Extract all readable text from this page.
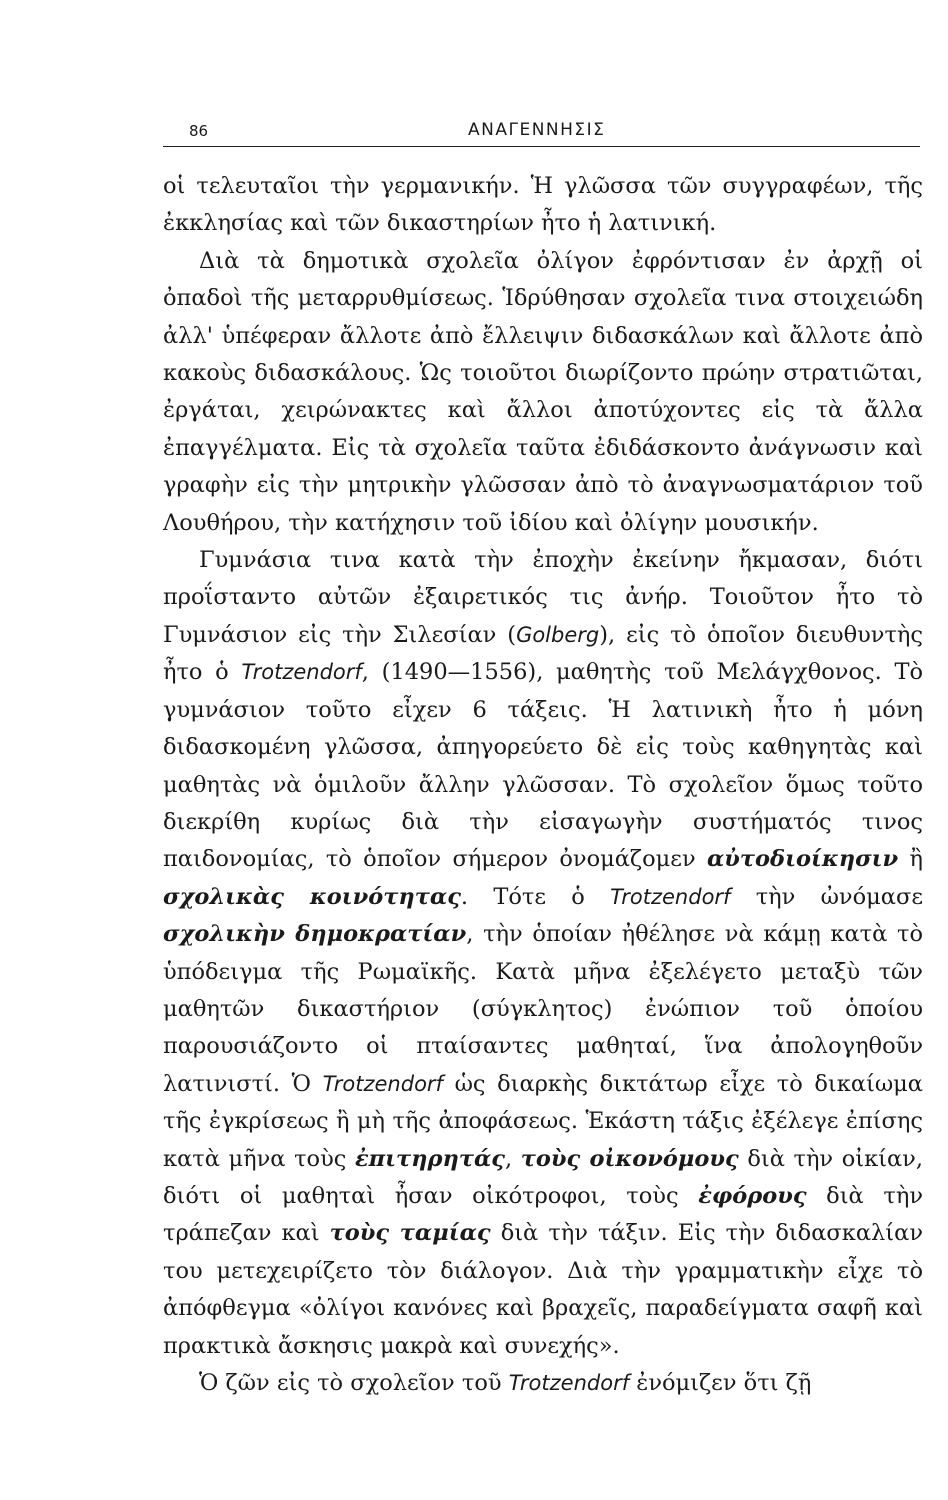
86	ΑΝΑΓΕΝΝΗΣΙΣ

οἱ τελευταῖοι τὴν γερμανικήν. Ἡ γλῶσσα τῶν συγγραφέων, τῆς ἐκκλησίας καὶ τῶν δικαστηρίων ἦτο ἡ λατινική.

Διὰ τὰ δημοτικὰ σχολεῖα ὀλίγον ἐφρόντισαν ἐν ἀρχῇ οἱ ὀπαδοὶ τῆς μεταρρυθμίσεως. Ἱδρύθησαν σχολεῖα τινα στοιχειώδη ἀλλ' ὑπέφεραν ἄλλοτε ἀπὸ ἔλλειψιν διδασκάλων καὶ ἄλλοτε ἀπὸ κακοὺς διδασκάλους. Ὡς τοιοῦτοι διωρίζοντο πρώην στρατιῶται, ἐργάται, χειρώνακτες καὶ ἄλλοι ἀποτύχοντες εἰς τὰ ἄλλα ἐπαγγέλματα. Εἰς τὰ σχολεῖα ταῦτα ἐδιδάσκοντο ἀνάγνωσιν καὶ γραφὴν εἰς τὴν μητρικὴν γλῶσσαν ἀπὸ τὸ ἀναγνωσματάριον τοῦ Λουθήρου, τὴν κατήχησιν τοῦ ἰδίου καὶ ὀλίγην μουσικήν.

Γυμνάσια τινα κατὰ τὴν ἐποχὴν ἐκείνην ἤκμασαν, διότι προΐσταντο αὐτῶν ἐξαιρετικός τις ἀνήρ. Τοιοῦτον ἦτο τὸ Γυμνάσιον εἰς τὴν Σιλεσίαν (Golberg), εἰς τὸ ὁποῖον διευθυντὴς ἦτο ὁ Trotzendorf, (1490—1556), μαθητὴς τοῦ Μελάγχθονος. Τὸ γυμνάσιον τοῦτο εἶχεν 6 τάξεις. Ἡ λατινικὴ ἦτο ἡ μόνη διδασκομένη γλῶσσα, ἀπηγορεύετο δὲ εἰς τοὺς καθηγητὰς καὶ μαθητὰς νὰ ὁμιλοῦν ἄλλην γλῶσσαν. Τὸ σχολεῖον ὅμως τοῦτο διεκρίθη κυρίως διὰ τὴν εἰσαγωγὴν συστήματός τινος παιδονομίας, τὸ ὁποῖον σήμερον ὀνομάζομεν αὐτοδιοίκησιν ἢ σχολικὰς κοινότητας. Τότε ὁ Trotzendorf τὴν ὠνόμασε σχολικὴν δημοκρατίαν, τὴν ὁποίαν ἠθέλησε νὰ κάμῃ κατὰ τὸ ὑπόδειγμα τῆς Ρωμαϊκῆς. Κατὰ μῆνα ἐξελέγετο μεταξὺ τῶν μαθητῶν δικαστήριον (σύγκλητος) ἐνώπιον τοῦ ὁποίου παρουσιάζοντο οἱ πταίσαντες μαθηταί, ἵνα ἀπολογηθοῦν λατινιστί. Ὁ Trotzendorf ὡς διαρκὴς δικτάτωρ εἶχε τὸ δικαίωμα τῆς ἐγκρίσεως ἢ μὴ τῆς ἀποφάσεως. Ἑκάστη τάξις ἐξέλεγε ἐπίσης κατὰ μῆνα τοὺς ἐπιτηρητάς, τοὺς οἰκονόμους διὰ τὴν οἰκίαν, διότι οἱ μαθηταὶ ἦσαν οἰκότροφοι, τοὺς ἐφόρους διὰ τὴν τράπεζαν καὶ τοὺς ταμίας διὰ τὴν τάξιν. Εἰς τὴν διδασκαλίαν του μετεχειρίζετο τὸν διάλογον. Διὰ τὴν γραμματικὴν εἶχε τὸ ἀπόφθεγμα «ὀλίγοι κανόνες καὶ βραχεῖς, παραδείγματα σαφῆ καὶ πρακτικὰ ἄσκησις μακρὰ καὶ συνεχής».

Ὁ ζῶν εἰς τὸ σχολεῖον τοῦ Trotzendorf ἐνόμιζεν ὅτι ζῇ
